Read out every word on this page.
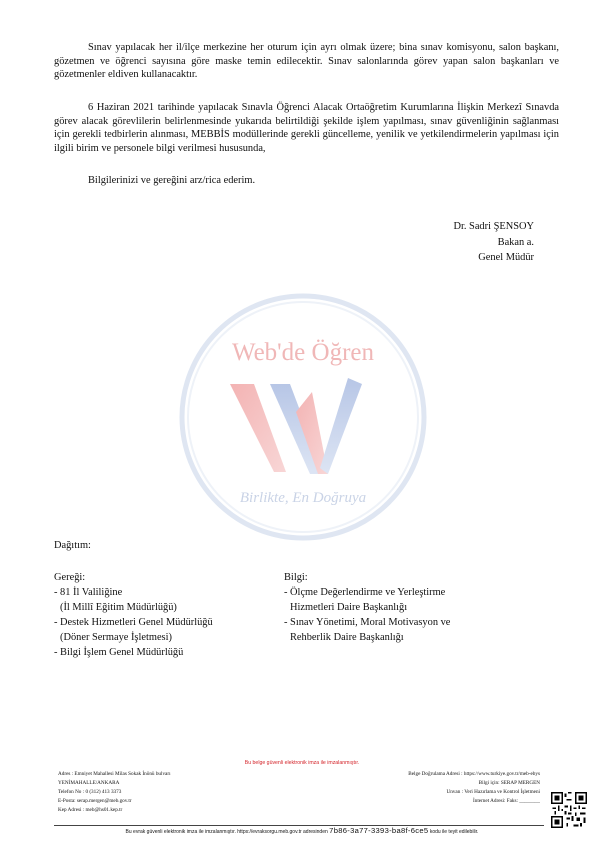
Sınav yapılacak her il/ilçe merkezine her oturum için ayrı olmak üzere; bina sınav komisyonu, salon başkanı, gözetmen ve öğrenci sayısına göre maske temin edilecektir. Sınav salonlarında görev yapan salon başkanları ve gözetmenler eldiven kullanacaktır.
6 Haziran 2021 tarihinde yapılacak Sınavla Öğrenci Alacak Ortaöğretim Kurumlarına İlişkin Merkezî Sınavda görev alacak görevlilerin belirlenmesinde yukarıda belirtildiği şekilde işlem yapılması, sınav güvenliğinin sağlanması için gerekli tedbirlerin alınması, MEBBİS modüllerinde gerekli güncelleme, yenilik ve yetkilendirmelerin yapılması için ilgili birim ve personele bilgi verilmesi hususunda,
Bilgilerinizi ve gereğini arz/rica ederim.
Dr. Sadri ŞENSOY
Bakan a.
Genel Müdür
Web'de Öğren
Birlikte, En Doğruya
Dağıtım:
Gereği:
- 81 İl Valiliğine
(İl Millî Eğitim Müdürlüğü)
- Destek Hizmetleri Genel Müdürlüğü
(Döner Sermaye İşletmesi)
- Bilgi İşlem Genel Müdürlüğü
Bilgi:
- Ölçme Değerlendirme ve Yerleştirme
Hizmetleri Daire Başkanlığı
- Sınav Yönetimi, Moral Motivasyon ve
Rehberlik Daire Başkanlığı
Bu belge güvenli elektronik imza ile imzalanmıştır.
Adres : Emniyet Mahallesi Milas Sokak İnönü bulvarı
YENİMAHALLE/ANKARA
Telefon No : 0 (312) 413 3373
E-Posta: serap.mergen@meb.gov.tr
Kep Adresi : meb@hs01.kep.tr
Belge Doğrulama Adresi : https://www.turkiye.gov.tr/meb-ebys
Bilgi için: SERAP MERGEN
Unvan : Veri Hazırlama ve Kontrol İşletmeni
İnternet Adresi: Faks: ________
Bu evrak güvenli elektronik imza ile imzalanmıştır. https://evraksorgu.meb.gov.tr adresinden 7b86-3a77-3393-ba8f-6ce5 kodu ile teyit edilebilir.
